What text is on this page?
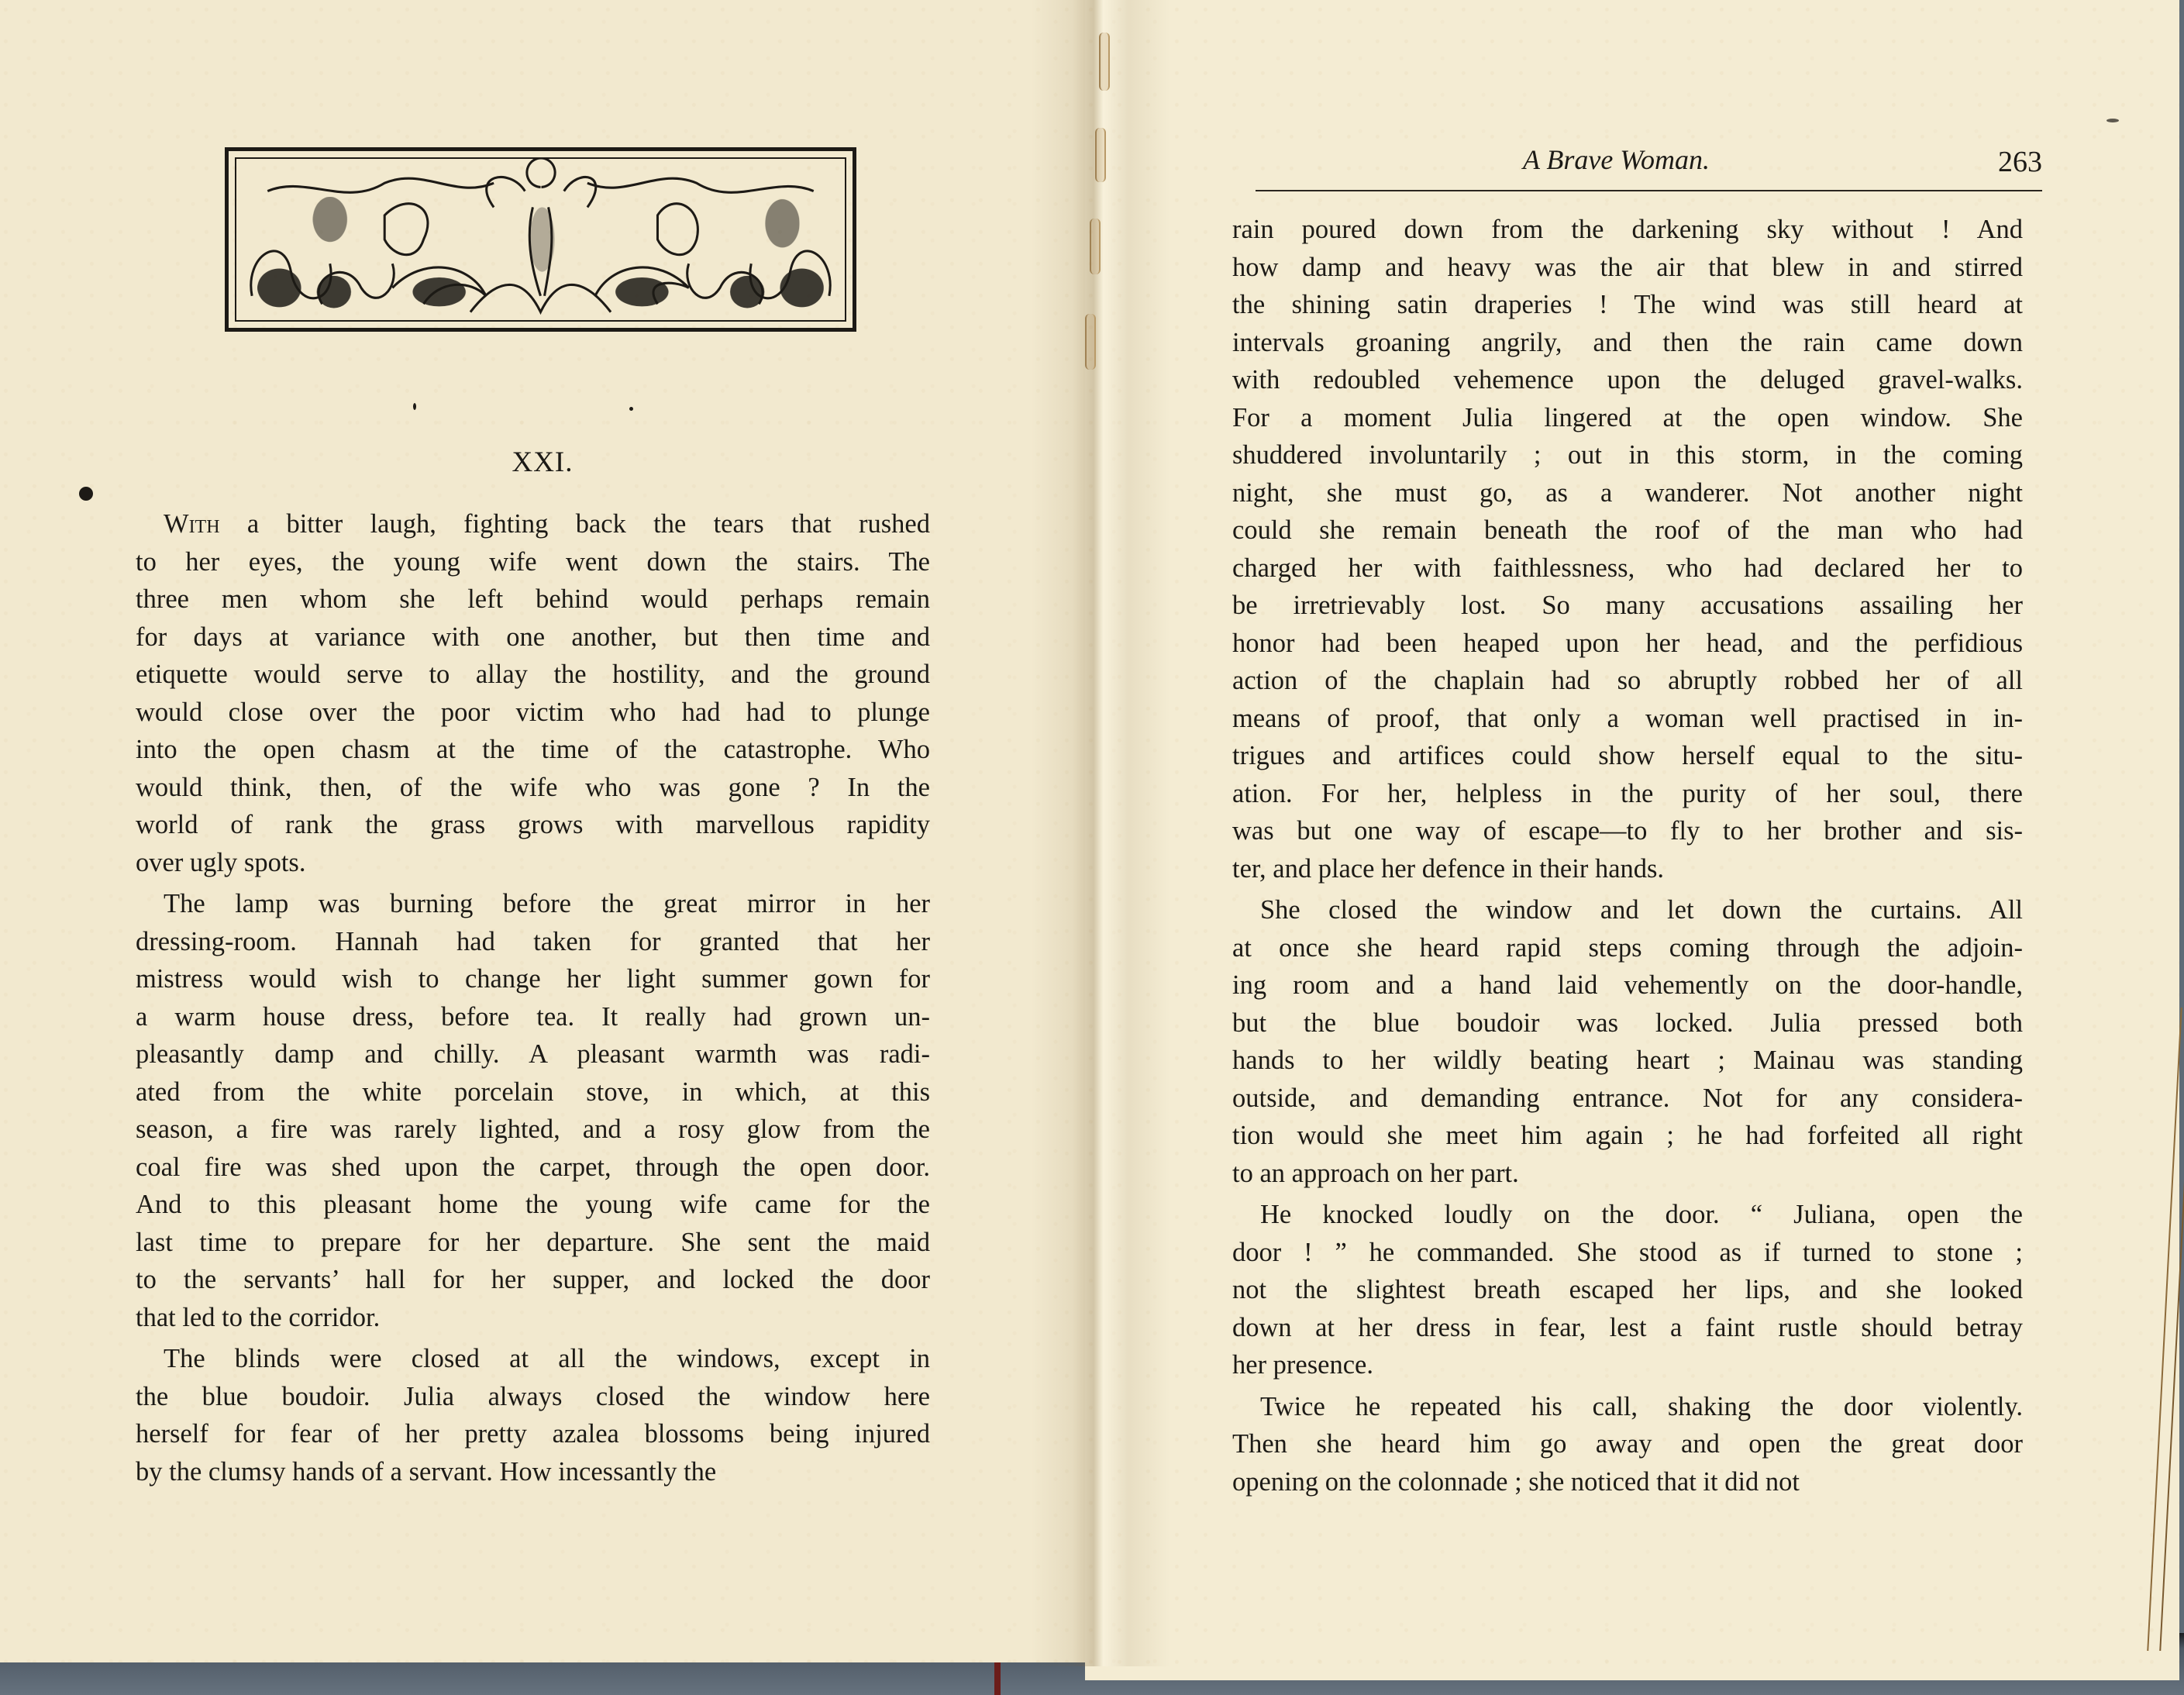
XXI.
With a bitter laugh, fighting back the tears that rushed
to her eyes, the young wife went down the stairs. The
three men whom she left behind would perhaps remain
for days at variance with one another, but then time and
etiquette would serve to allay the hostility, and the ground
would close over the poor victim who had had to plunge
into the open chasm at the time of the catastrophe. Who
would think, then, of the wife who was gone ? In the
world of rank the grass grows with marvellous rapidity
over ugly spots.
The lamp was burning before the great mirror in her
dressing-room. Hannah had taken for granted that her
mistress would wish to change her light summer gown for
a warm house dress, before tea. It really had grown un-
pleasantly damp and chilly. A pleasant warmth was radi-
ated from the white porcelain stove, in which, at this
season, a fire was rarely lighted, and a rosy glow from the
coal fire was shed upon the carpet, through the open door.
And to this pleasant home the young wife came for the
last time to prepare for her departure. She sent the maid
to the servants’ hall for her supper, and locked the door
that led to the corridor.
The blinds were closed at all the windows, except in
the blue boudoir. Julia always closed the window here
herself for fear of her pretty azalea blossoms being injured
by the clumsy hands of a servant. How incessantly the
A Brave Woman.	263
rain poured down from the darkening sky without ! And
how damp and heavy was the air that blew in and stirred
the shining satin draperies ! The wind was still heard at
intervals groaning angrily, and then the rain came down
with redoubled vehemence upon the deluged gravel-walks.
For a moment Julia lingered at the open window. She
shuddered involuntarily ; out in this storm, in the coming
night, she must go, as a wanderer. Not another night
could she remain beneath the roof of the man who had
charged her with faithlessness, who had declared her to
be irretrievably lost. So many accusations assailing her
honor had been heaped upon her head, and the perfidious
action of the chaplain had so abruptly robbed her of all
means of proof, that only a woman well practised in in-
trigues and artifices could show herself equal to the situ-
ation. For her, helpless in the purity of her soul, there
was but one way of escape—to fly to her brother and sis-
ter, and place her defence in their hands.
She closed the window and let down the curtains. All
at once she heard rapid steps coming through the adjoin-
ing room and a hand laid vehemently on the door-handle,
but the blue boudoir was locked. Julia pressed both
hands to her wildly beating heart ; Mainau was standing
outside, and demanding entrance. Not for any considera-
tion would she meet him again ; he had forfeited all right
to an approach on her part.
He knocked loudly on the door. “ Juliana, open the
door ! ” he commanded. She stood as if turned to stone ;
not the slightest breath escaped her lips, and she looked
down at her dress in fear, lest a faint rustle should betray
her presence.
Twice he repeated his call, shaking the door violently.
Then she heard him go away and open the great door
opening on the colonnade ; she noticed that it did not
